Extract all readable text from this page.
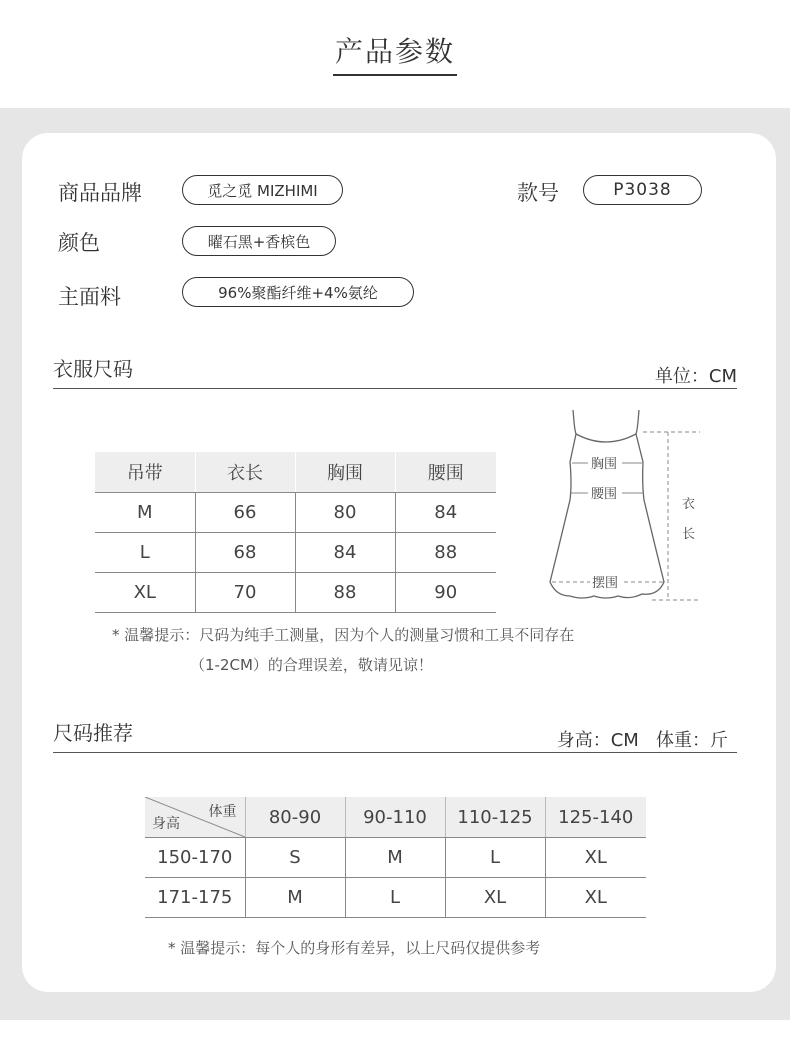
产品参数
商品品牌	觅之觅 MIZHIMI	款号	P3038
颜色	曜石黑+香槟色
主面料	96%聚酯纤维+4%氨纶
衣服尺码	单位：CM
吊带	衣长	胸围	腰围
M	66	80	84
L	68	84	88
XL	70	88	90
胸围
腰围
摆围
衣
长
* 温馨提示：尺码为纯手工测量，因为个人的测量习惯和工具不同存在
（1-2CM）的合理误差，敬请见谅！
尺码推荐	身高：CM   体重：斤
体重
身高	80-90	90-110	110-125	125-140
150-170	S	M	L	XL
171-175	M	L	XL	XL
* 温馨提示：每个人的身形有差异，以上尺码仅提供参考
